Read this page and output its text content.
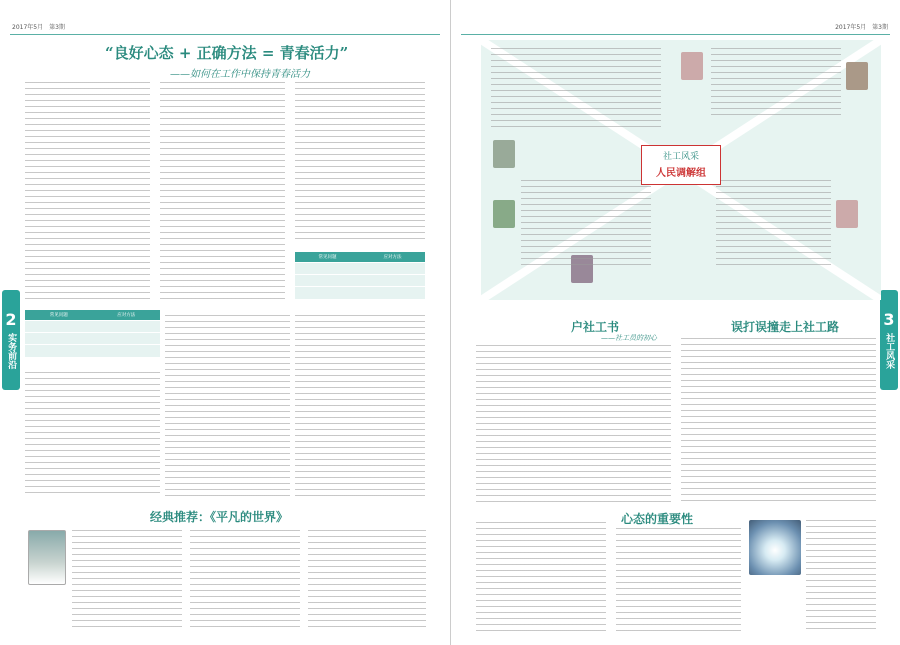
2017年5月　第3期
2
实务前沿
“良好心态 + 正确方法 = 青春活力”
——如何在工作中保持青春活力
常见问题	应对方法

常见问题	应对方法

经典推荐：《平凡的世界》
2017年5月　第3期
3
社工风采
社工风采
人民调解组
户社工书
——社工员的初心
误打误撞走上社工路
心态的重要性
